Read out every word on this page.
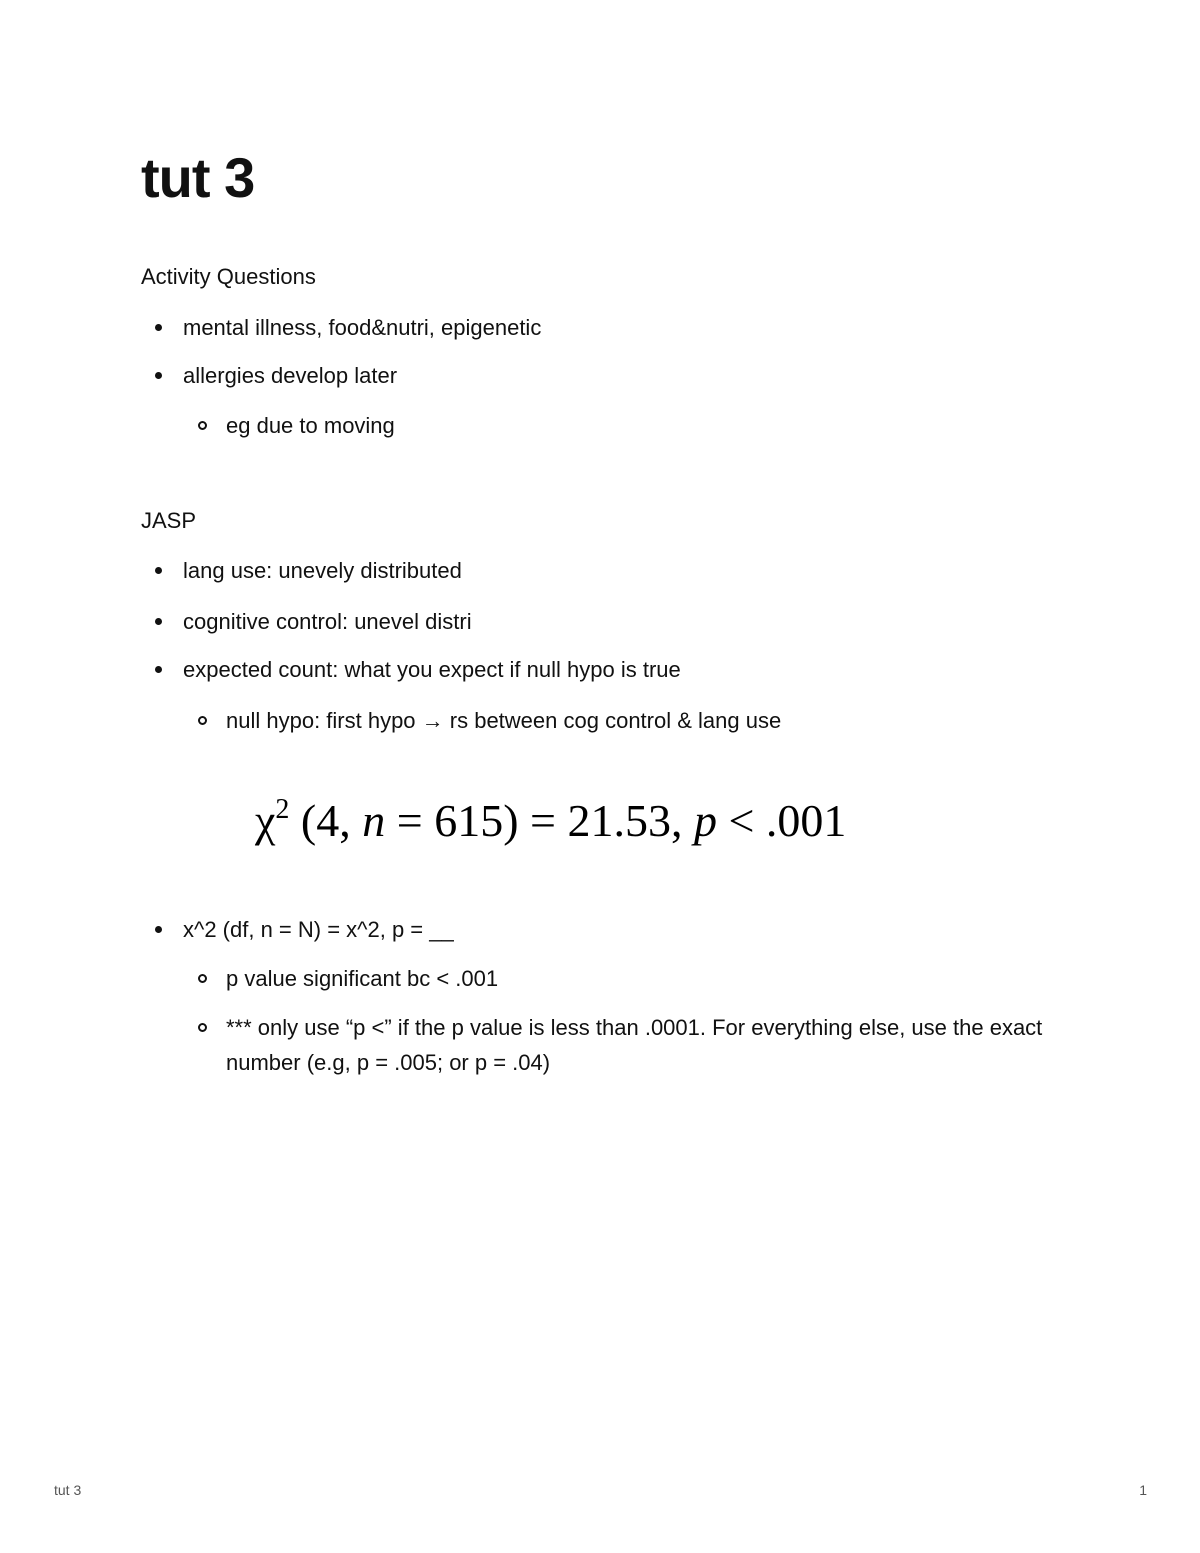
tut 3
Activity Questions
mental illness, food&nutri, epigenetic
allergies develop later
eg due to moving
JASP
lang use: unevely distributed
cognitive control: unevel distri
expected count: what you expect if null hypo is true
null hypo: first hypo → rs between cog control & lang use
$\chi^2$ (4, n = 615) = 21.53, p < .001
x^2 (df, n = N) = x^2, p = __
p value significant bc < .001
*** only use “p <” if the p value is less than .0001. For everything else, use the exact number (e.g, p = .005; or p = .04)
tut 3	1
